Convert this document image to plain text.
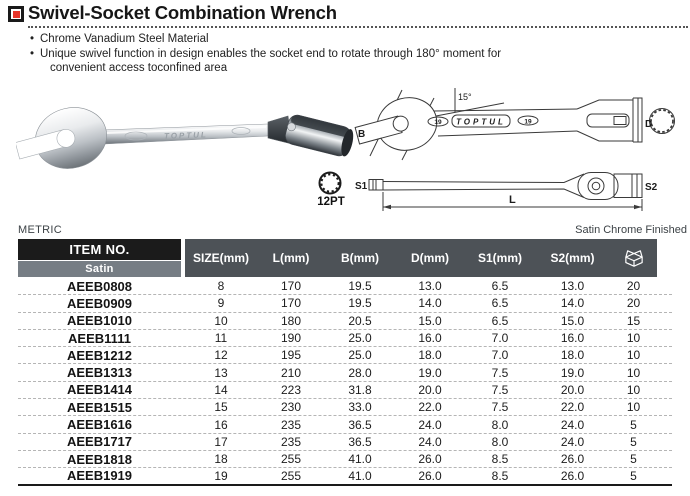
Swivel-Socket Combination Wrench
• Chrome Vanadium Steel Material
• Unique swivel function in design enables the socket end to rotate through 180° moment for
convenient access toconfined area
TOPTUL
12PT
B
15°
19 TOPTUL	19	D
S1	S2
L
METRIC	Satin Chrome Finished
ITEM NO.
Satin
SIZE(mm)	L(mm)	B(mm)	D(mm)	S1(mm)	S2(mm)
AEEB0808	8	170	19.5	13.0	6.5	13.0	20
AEEB0909	9	170	19.5	14.0	6.5	14.0	20
AEEB1010	10	180	20.5	15.0	6.5	15.0	15
AEEB1111	11	190	25.0	16.0	7.0	16.0	10
AEEB1212	12	195	25.0	18.0	7.0	18.0	10
AEEB1313	13	210	28.0	19.0	7.5	19.0	10
AEEB1414	14	223	31.8	20.0	7.5	20.0	10
AEEB1515	15	230	33.0	22.0	7.5	22.0	10
AEEB1616	16	235	36.5	24.0	8.0	24.0	5
AEEB1717	17	235	36.5	24.0	8.0	24.0	5
AEEB1818	18	255	41.0	26.0	8.5	26.0	5
AEEB1919	19	255	41.0	26.0	8.5	26.0	5
